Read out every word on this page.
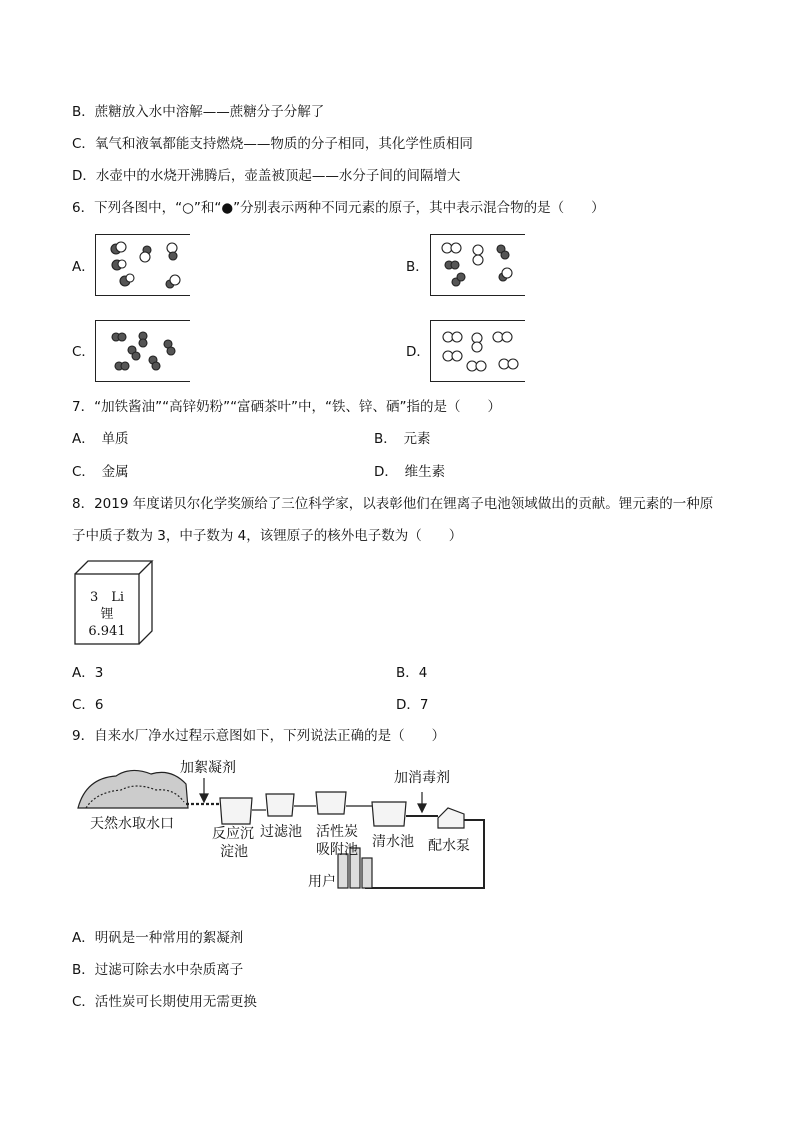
B．蔗糖放入水中溶解——蔗糖分子分解了
C．氧气和液氧都能支持燃烧——物质的分子相同，其化学性质相同
D．水壶中的水烧开沸腾后，壶盖被顶起——水分子间的间隔增大
6．下列各图中，“○”和“●”分别表示两种不同元素的原子，其中表示混合物的是（　　）
A．	B．
C．	D．
7．“加铁酱油”“高锌奶粉”“富硒茶叶”中，“铁、锌、硒”指的是（　　）
A．　单质	B．　元素
C．　金属	D．　维生素
8．2019 年度诺贝尔化学奖颁给了三位科学家，以表彰他们在锂离子电池领域做出的贡献。锂元素的一种原
子中质子数为 3，中子数为 4，该锂原子的核外电子数为（　　）
3　Li
锂
6.941
A．3	B．4
C．6	D．7
9．自来水厂净水过程示意图如下，下列说法正确的是（　　）
加絮凝剂
加消毒剂
天然水取水口
反应沉
淀池
过滤池 活性炭
吸附池 清水池 配水泵
用户
A．明矾是一种常用的絮凝剂
B．过滤可除去水中杂质离子
C．活性炭可长期使用无需更换
